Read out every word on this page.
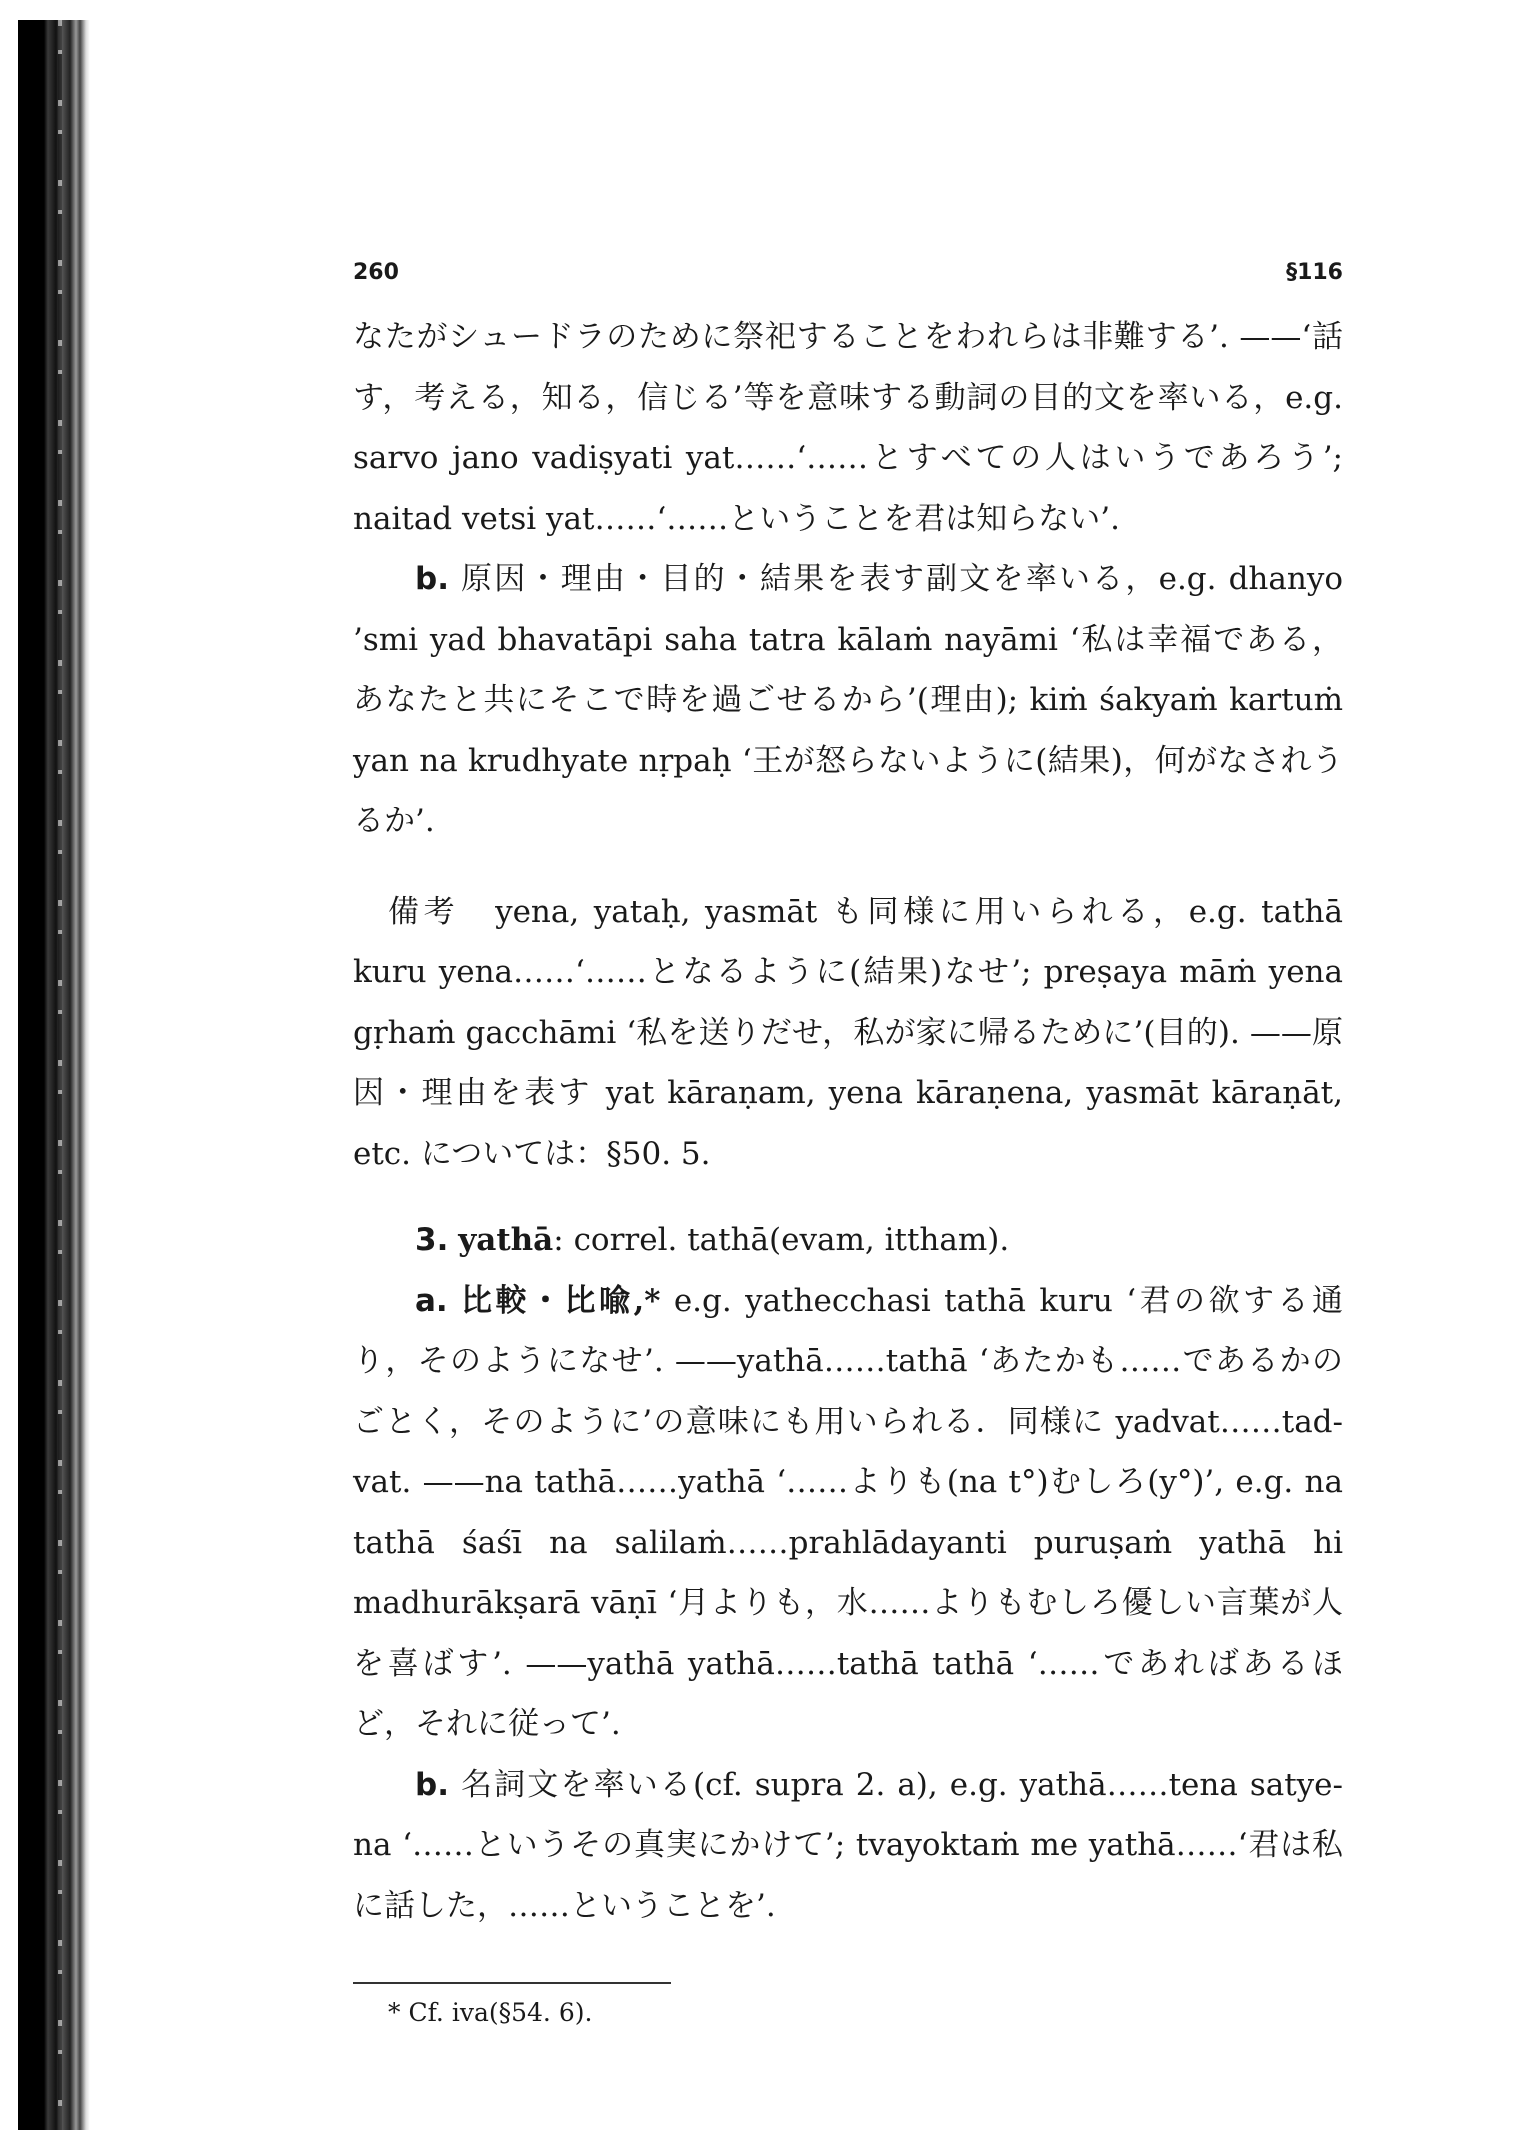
260	§116

なたがシュードラのために祭祀することをわれらは非難する’. ——‘話す，考える，知る，信じる’等を意味する動詞の目的文を率いる，e.g. sarvo jano vadiṣyati yat……‘……とすべての人はいうであろう’; naitad vetsi yat……‘……ということを君は知らない’.

b. 原因・理由・目的・結果を表す副文を率いる，e.g. dhanyo ’smi yad bhavatāpi saha tatra kālaṁ nayāmi ‘私は幸福である，あなたと共にそこで時を過ごせるから’(理由); kiṁ śakyaṁ kartuṁ yan na krudhyate nṛpaḥ ‘王が怒らないように(結果)，何がなされうるか’.

備考　 yena, yataḥ, yasmāt も同様に用いられる，e.g. tathā kuru yena……‘……となるように(結果)なせ’; preṣaya māṁ yena gṛhaṁ gacchāmi ‘私を送りだせ，私が家に帰るために’(目的). ——原因・理由を表す yat kāraṇam, yena kāraṇena, yasmāt kāraṇāt, etc. については：§50. 5.

3. yathā: correl. tathā(evam, ittham).

a. 比較・比喩,* e.g. yathecchasi tathā kuru ‘君の欲する通り，そのようになせ’. ——yathā……tathā ‘あたかも……であるかのごとく，そのように’の意味にも用いられる．同様に yadvat……tad-vat. ——na tathā……yathā ‘……よりも(na t°)むしろ(y°)’, e.g. na tathā śaśī na salilaṁ……prahlādayanti puruṣaṁ yathā hi madhurākṣarā vāṇī ‘月よりも，水……よりもむしろ優しい言葉が人を喜ばす’. ——yathā yathā……tathā tathā ‘……であればあるほど，それに従って’.

b. 名詞文を率いる(cf. supra 2. a), e.g. yathā……tena satye-na ‘……というその真実にかけて’; tvayoktaṁ me yathā……‘君は私に話した，……ということを’.

* Cf. iva(§54. 6).
